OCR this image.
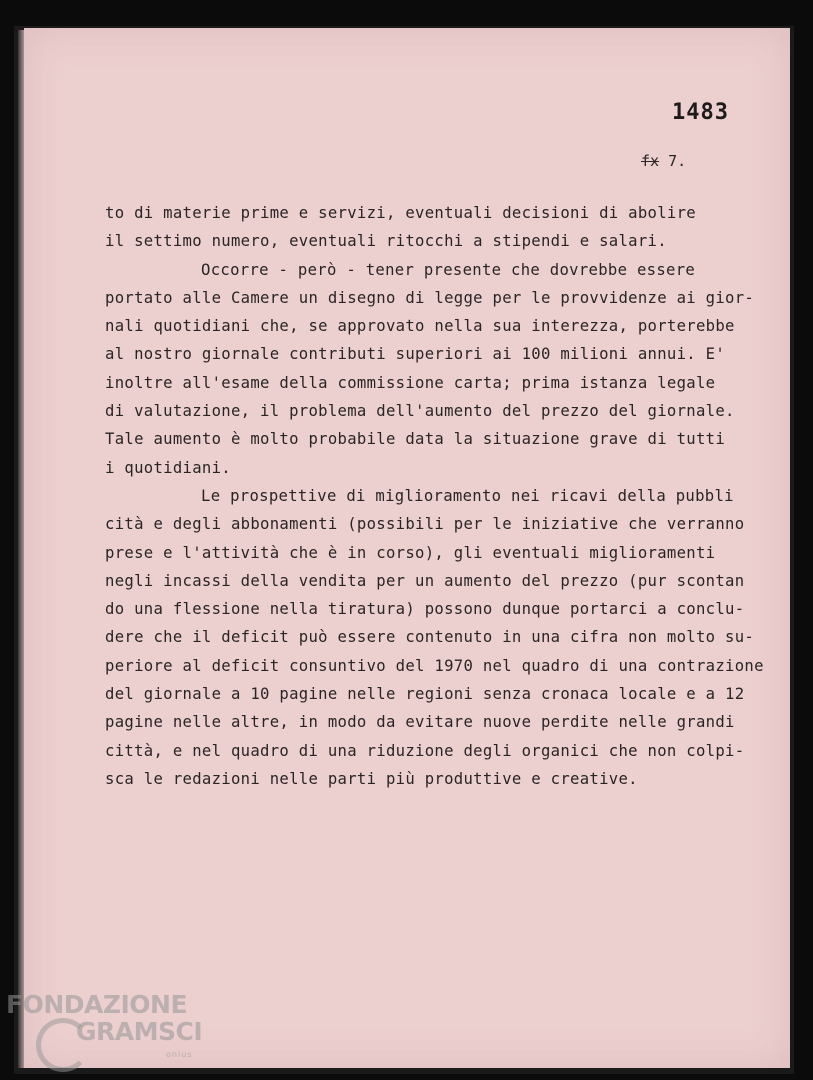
1483
fx 7.
to di materie prime e servizi, eventuali decisioni di abolire
il settimo numero, eventuali ritocchi a stipendi e salari.
Occorre - però - tener presente che dovrebbe essere
portato alle Camere un disegno di legge per le provvidenze ai gior-
nali quotidiani che, se approvato nella sua interezza, porterebbe
al nostro giornale contributi superiori ai 100 milioni annui. E'
inoltre all'esame della commissione carta; prima istanza legale
di valutazione, il problema dell'aumento del prezzo del giornale.
Tale aumento è molto probabile data la situazione grave di tutti
i quotidiani.
Le prospettive di miglioramento nei ricavi della pubbli
cità e degli abbonamenti (possibili per le iniziative che verranno
prese e l'attività che è in corso), gli eventuali miglioramenti
negli incassi della vendita per un aumento del prezzo (pur scontan
do una flessione nella tiratura) possono dunque portarci a conclu-
dere che il deficit può essere contenuto in una cifra non molto su-
periore al deficit consuntivo del 1970 nel quadro di una contrazione
del giornale a 10 pagine nelle regioni senza cronaca locale e a 12
pagine nelle altre, in modo da evitare nuove perdite nelle grandi
città, e nel quadro di una riduzione degli organici che non colpi-
sca le redazioni nelle parti più produttive e creative.
FONDAZIONE
GRAMSCI
onlus
